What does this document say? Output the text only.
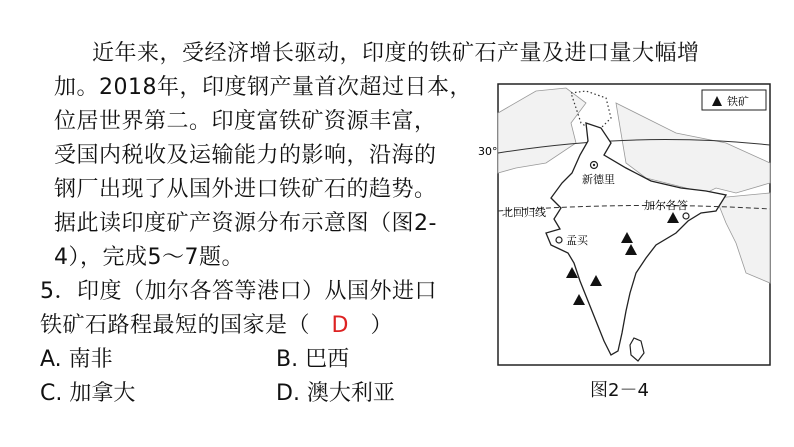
近年来，受经济增长驱动，印度的铁矿石产量及进口量大幅增
加。2018年，印度钢产量首次超过日本，
位居世界第二。印度富铁矿资源丰富，
受国内税收及运输能力的影响，沿海的
钢厂出现了从国外进口铁矿石的趋势。
据此读印度矿产资源分布示意图（图2-
4），完成5～7题。
5．印度（加尔各答等港口）从国外进口
铁矿石路程最短的国家是（ D ）
A. 南非	B. 巴西
C. 加拿大	D. 澳大利亚
铁矿
30°
新德里
加尔各答
孟买
北回归线
图2－4
